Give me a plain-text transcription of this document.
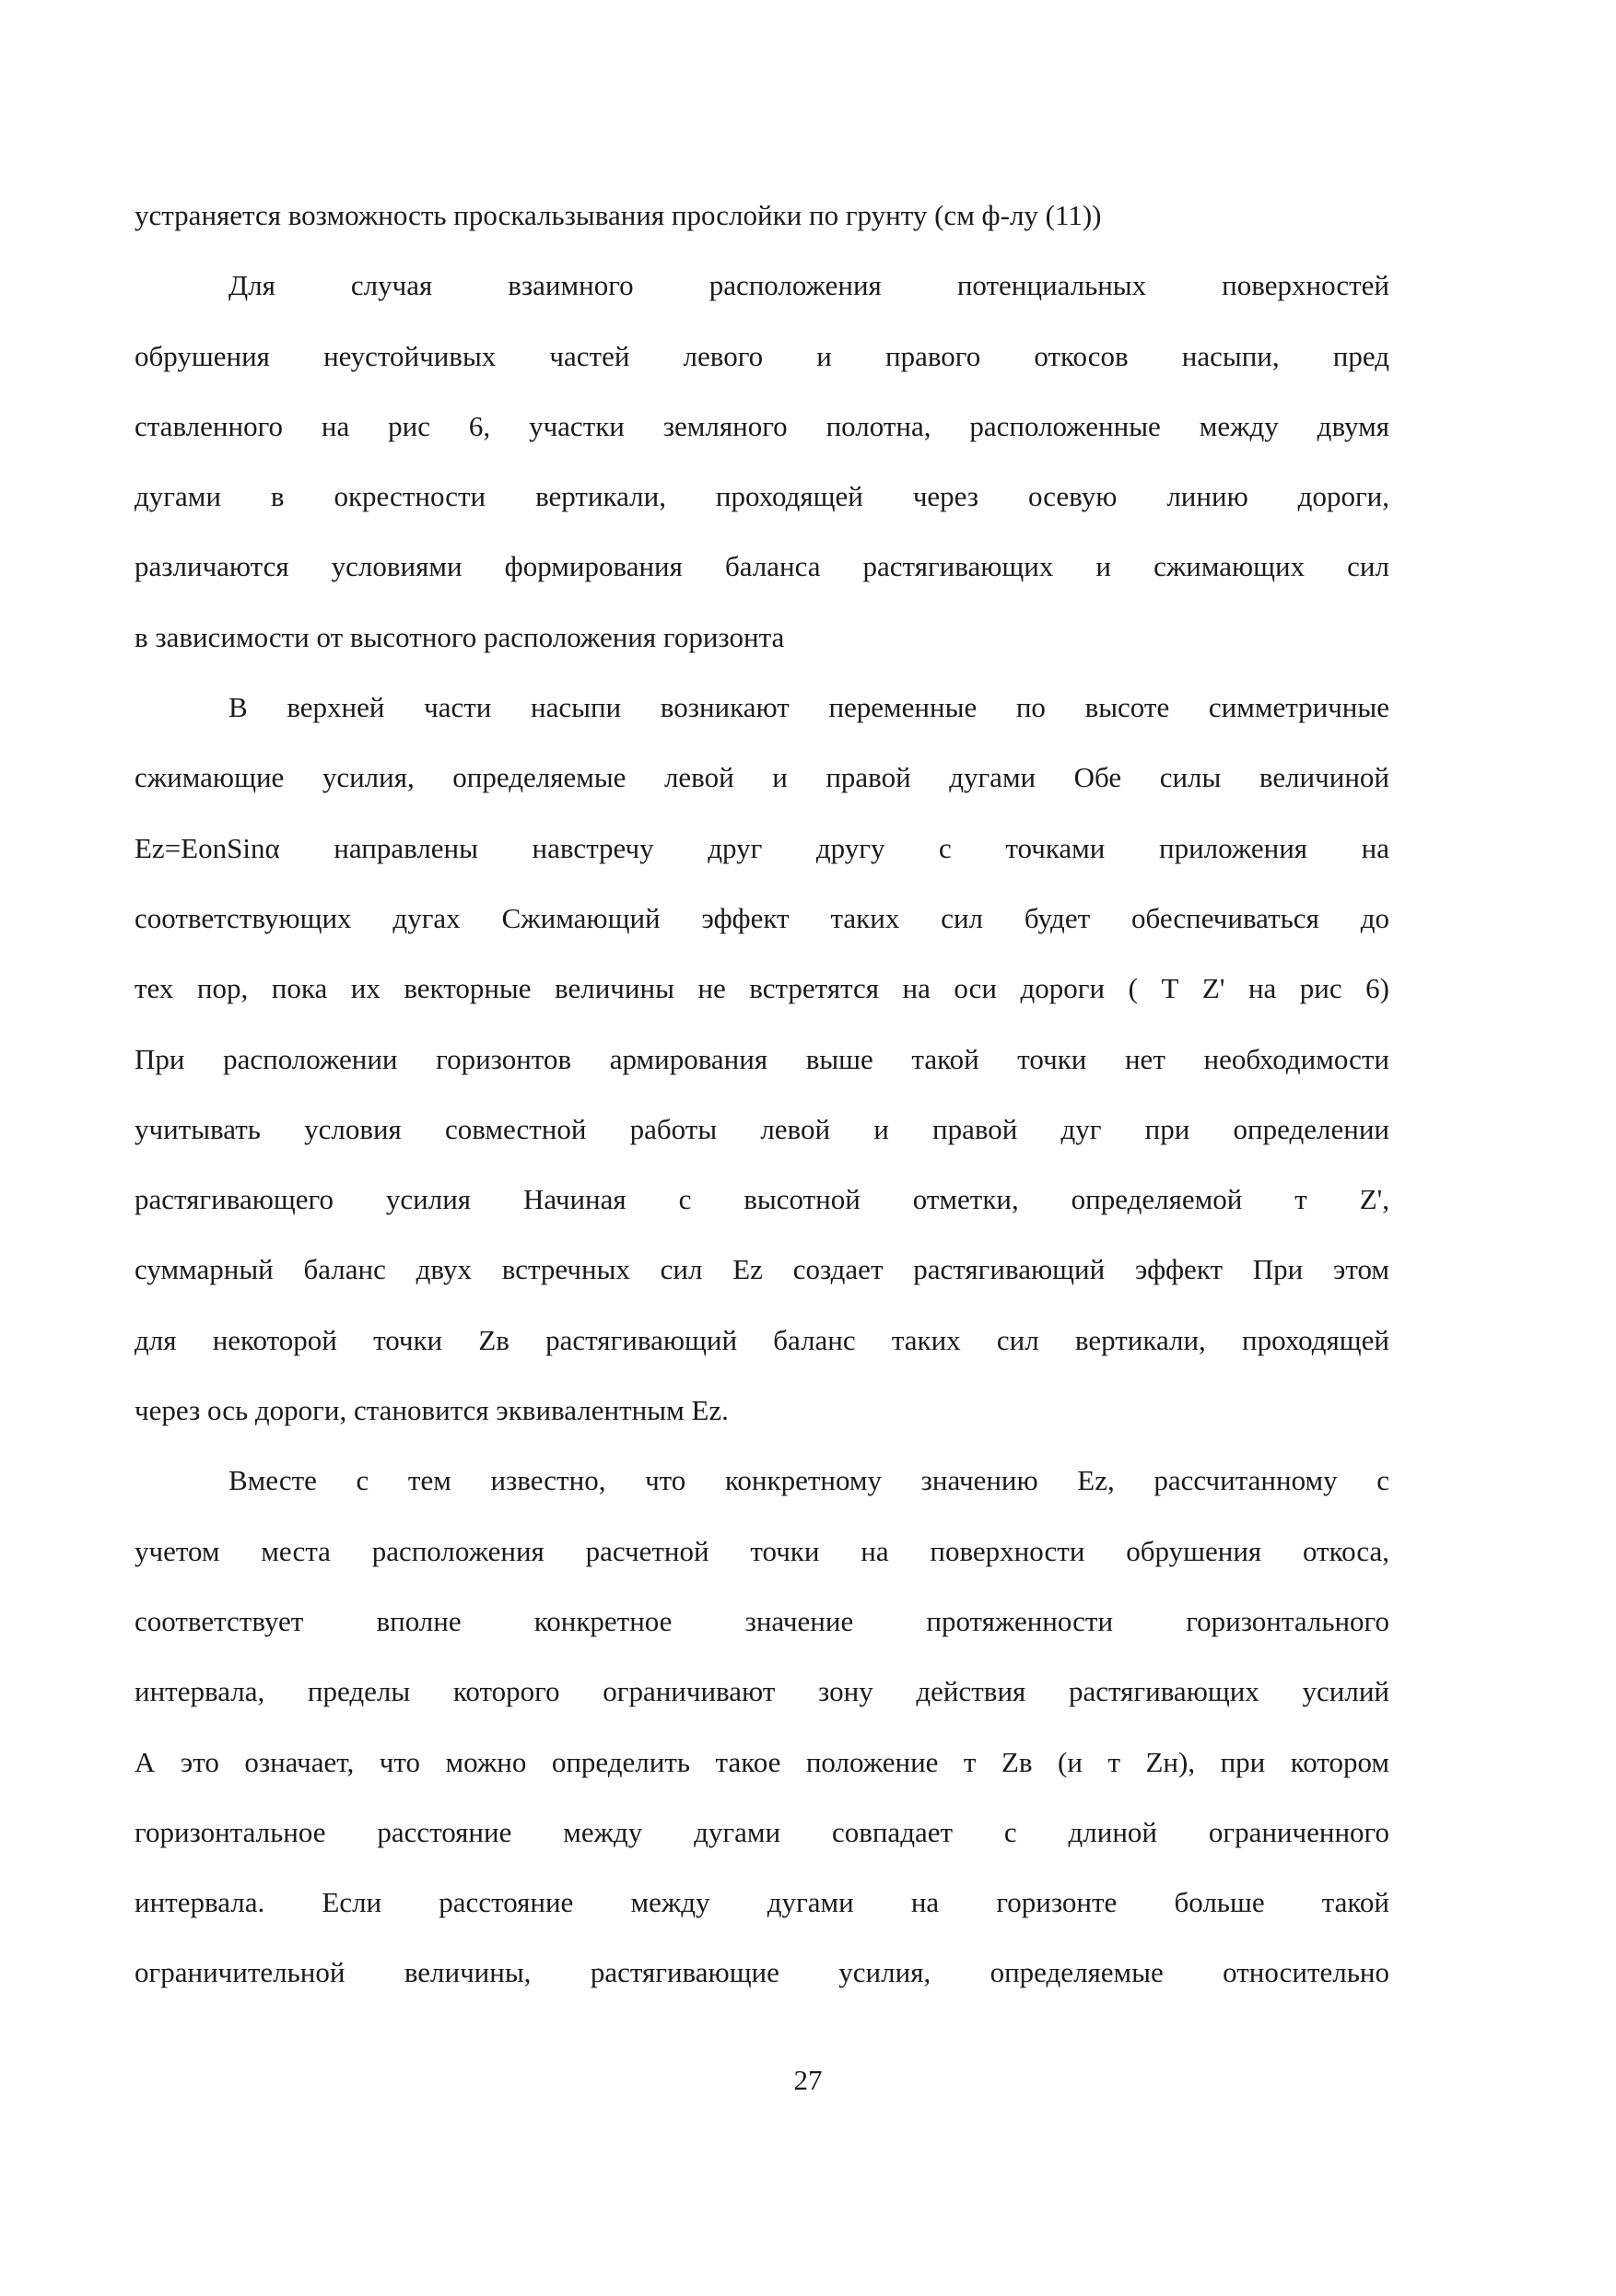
устраняется возможность проскальзывания прослойки по грунту (см ф-лу (11))
Для случая взаимного расположения потенциальных поверхностей
обрушения неустойчивых частей левого и правого откосов насыпи, пред
ставленного на рис 6, участки земляного полотна, расположенные между двумя
дугами в окрестности вертикали, проходящей через осевую линию дороги,
различаются условиями формирования баланса растягивающих и сжимающих сил
в зависимости от высотного расположения горизонта
В верхней части насыпи возникают переменные по высоте симметричные
сжимающие усилия, определяемые левой и правой дугами Обе силы величиной
Ez=EonSinα направлены навстречу друг другу с точками приложения на
соответствующих дугах Сжимающий эффект таких сил будет обеспечиваться до
тех пор, пока их векторные величины не встретятся на оси дороги ( Т Z' на рис 6)
При расположении горизонтов армирования выше такой точки нет необходимости
учитывать условия совместной работы левой и правой дуг при определении
растягивающего усилия Начиная с высотной отметки, определяемой т Z',
суммарный баланс двух встречных сил Ez создает растягивающий эффект При этом
для некоторой точки Zв растягивающий баланс таких сил вертикали, проходящей
через ось дороги, становится эквивалентным Ez.
Вместе с тем известно, что конкретному значению Ez, рассчитанному с
учетом места расположения расчетной точки на поверхности обрушения откоса,
соответствует вполне конкретное значение протяженности горизонтального
интервала, пределы которого ограничивают зону действия растягивающих усилий
А это означает, что можно определить такое положение т Zв (и т Zн), при котором
горизонтальное расстояние между дугами совпадает с длиной ограниченного
интервала. Если расстояние между дугами на горизонте больше такой
ограничительной величины, растягивающие усилия, определяемые относительно
27
